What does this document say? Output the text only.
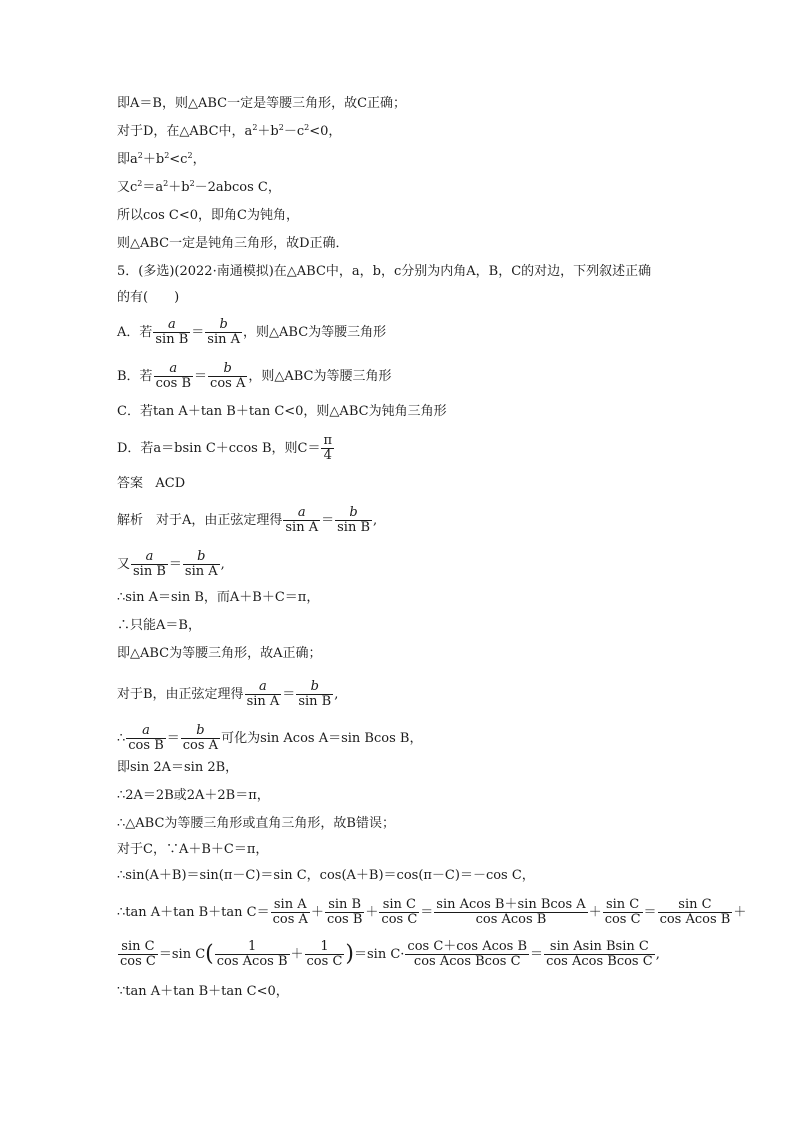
即A＝B，则△ABC一定是等腰三角形，故C正确；
对于D，在△ABC中，$a^2+b^2-c^2<0$，
即$a^2+b^2<c^2$，
又$c^2=a^2+b^2-2abcos$ C，
所以cos C<0，即角C为钝角，
则△ABC一定是钝角三角形，故D正确．
5．(多选)(2022·南通模拟)在△ABC中，a，b，c分别为内角A，B，C的对边，下列叙述正确
的有(　　)
A．若 $\frac{a}{\text{sin B}} = \frac{b}{\text{sin A}}$ ，则△ABC为等腰三角形
B．若 $\frac{a}{\text{cos B}} = \frac{b}{\text{cos A}}$ ，则△ABC为等腰三角形
C．若tan A＋tan B＋tan C<0，则△ABC为钝角三角形
D．若a＝bsin C＋ccos B，则$C= \frac{\pi}{4}$
答案 ACD
解析　对于A，由正弦定理得 $\frac{a}{\text{sin A}} = \frac{b}{\text{sin B}}$ ,
又 $\frac{a}{\text{sin B}} = \frac{b}{\text{sin A}}$ ,
∴sin A＝sin B，而A＋B＋C＝π，
∴只能A＝B，
即△ABC为等腰三角形，故A正确；
对于B，由正弦定理得 $\frac{a}{\text{sin A}} = \frac{b}{\text{sin B}}$ ,
∴ $\frac{a}{\text{cos B}} = \frac{b}{\text{cos A}}$ 可化为sin Acos A＝sin Bcos B，
即sin 2A＝sin 2B，
∴2A＝2B或2A＋2B＝π，
∴△ABC为等腰三角形或直角三角形，故B错误；
对于C，∵A＋B＋C＝π，
∴sin(A＋B)＝sin(π－C)＝sin C，cos(A＋B)＝cos(π－C)＝－cos C，
∴tan A＋tan B＋tan $C= \frac{\text{sin A}}{\text{cos A}} + \frac{\text{sin B}}{\text{cos B}} + \frac{\text{sin C}}{\text{cos C}} = \frac{\text{sin Acos B＋sin Bcos A}}{\text{cos Acos B}} + \frac{\text{sin C}}{\text{cos C}} = \frac{\text{sin C}}{\text{cos Acos B}}$ ＋
$\frac{\text{sin C}}{\text{cos C}} =\sin$ $C( \frac{1}{\text{cos Acos B}} + \frac{1}{\text{cos C}} )=\sin$ $C\cdot \frac{\text{cos C＋cos Acos B}}{\text{cos Acos Bcos C}} = \frac{\text{sin Asin Bsin C}}{\text{cos Acos Bcos C}}$ ,
∵tan A＋tan B＋tan C<0，
